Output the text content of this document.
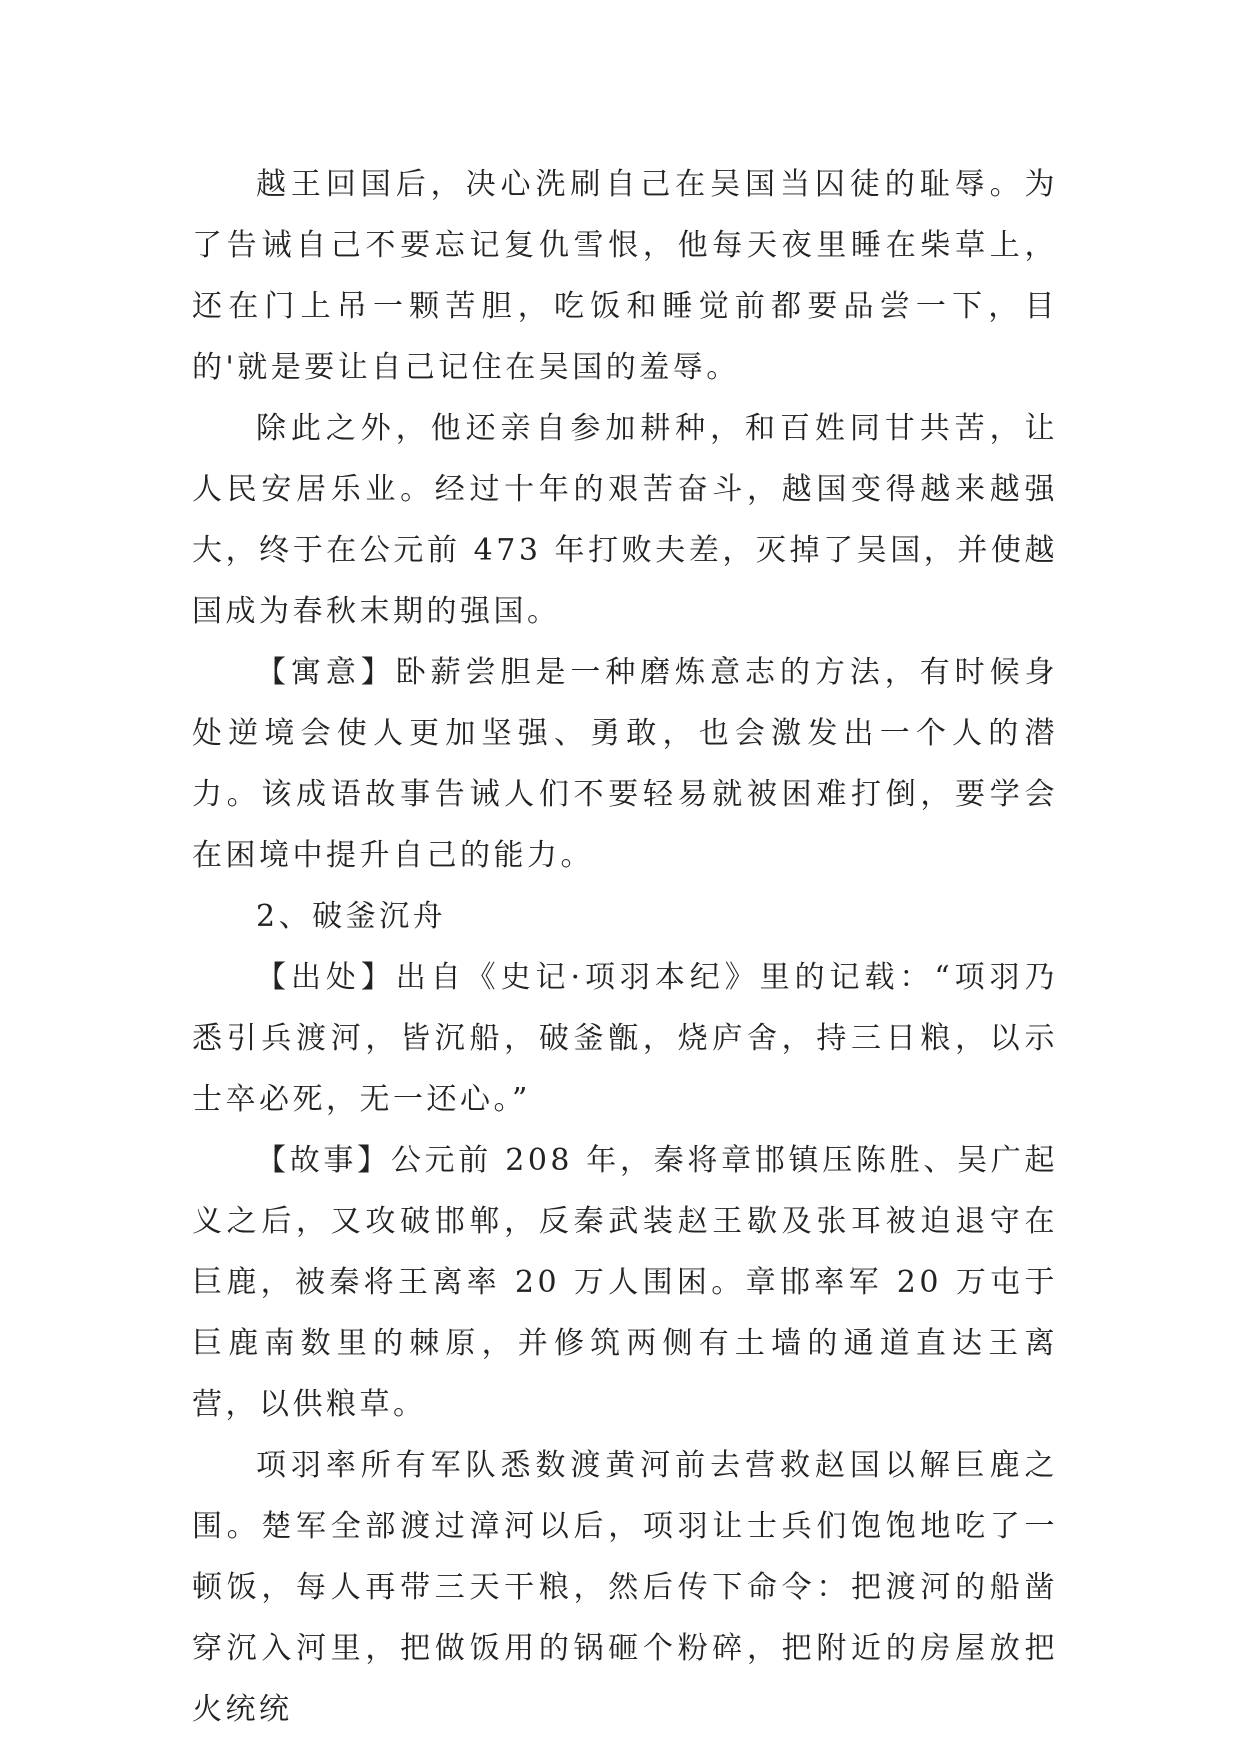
越王回国后，决心洗刷自己在吴国当囚徒的耻辱。为了告诫自己不要忘记复仇雪恨，他每天夜里睡在柴草上，还在门上吊一颗苦胆，吃饭和睡觉前都要品尝一下，目的'就是要让自己记住在吴国的羞辱。

除此之外，他还亲自参加耕种，和百姓同甘共苦，让人民安居乐业。经过十年的艰苦奋斗，越国变得越来越强大，终于在公元前 473 年打败夫差，灭掉了吴国，并使越国成为春秋末期的强国。

【寓意】卧薪尝胆是一种磨炼意志的方法，有时候身处逆境会使人更加坚强、勇敢，也会激发出一个人的潜力。该成语故事告诫人们不要轻易就被困难打倒，要学会在困境中提升自己的能力。

2、破釜沉舟

【出处】出自《史记·项羽本纪》里的记载：“项羽乃悉引兵渡河，皆沉船，破釜甑，烧庐舍，持三日粮，以示士卒必死，无一还心。”

【故事】公元前 208 年，秦将章邯镇压陈胜、吴广起义之后，又攻破邯郸，反秦武装赵王歇及张耳被迫退守在巨鹿，被秦将王离率 20 万人围困。章邯率军 20 万屯于巨鹿南数里的棘原，并修筑两侧有土墙的通道直达王离营，以供粮草。

项羽率所有军队悉数渡黄河前去营救赵国以解巨鹿之围。楚军全部渡过漳河以后，项羽让士兵们饱饱地吃了一顿饭，每人再带三天干粮，然后传下命令：把渡河的船凿穿沉入河里，把做饭用的锅砸个粉碎，把附近的房屋放把火统统
